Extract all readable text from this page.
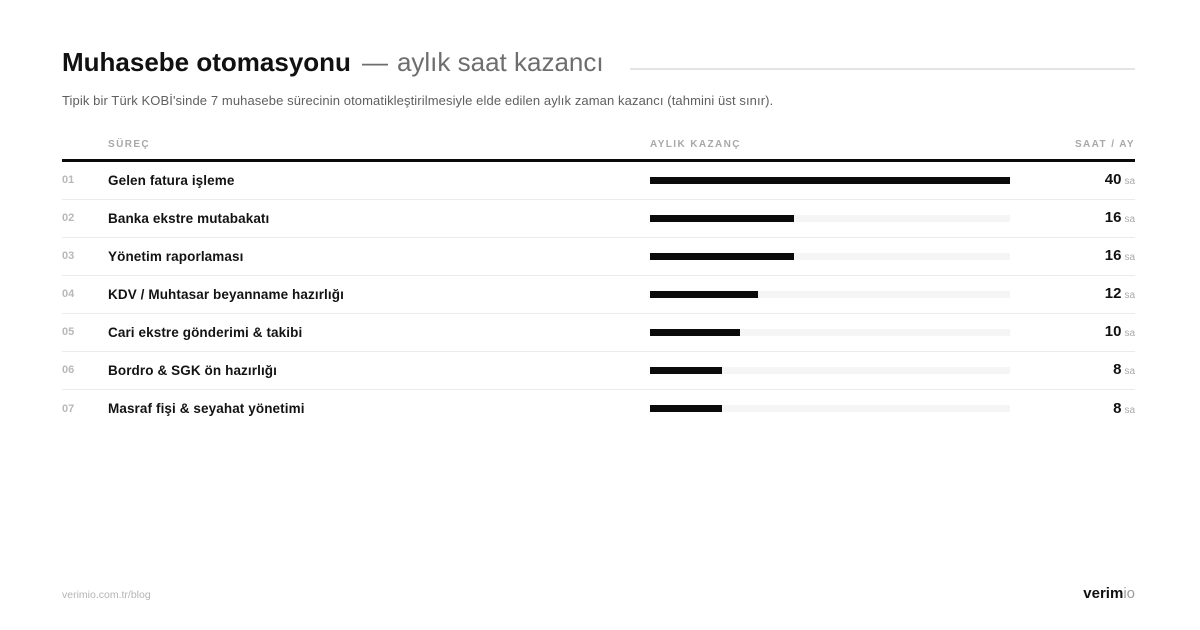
Muhasebe otomasyonu — aylık saat kazancı
Tipik bir Türk KOBİ'sinde 7 muhasebe sürecinin otomatikleştirilmesiyle elde edilen aylık zaman kazancı (tahmini üst sınır).
SÜREÇ	AYLIK KAZANÇ	SAAT / AY
01	Gelen fatura işleme	40 sa
02	Banka ekstre mutabakatı	16 sa
03	Yönetim raporlaması	16 sa
04	KDV / Muhtasar beyanname hazırlığı	12 sa
05	Cari ekstre gönderimi & takibi	10 sa
06	Bordro & SGK ön hazırlığı	8 sa
07	Masraf fişi & seyahat yönetimi	8 sa
verimio.com.tr/blog	verimio
